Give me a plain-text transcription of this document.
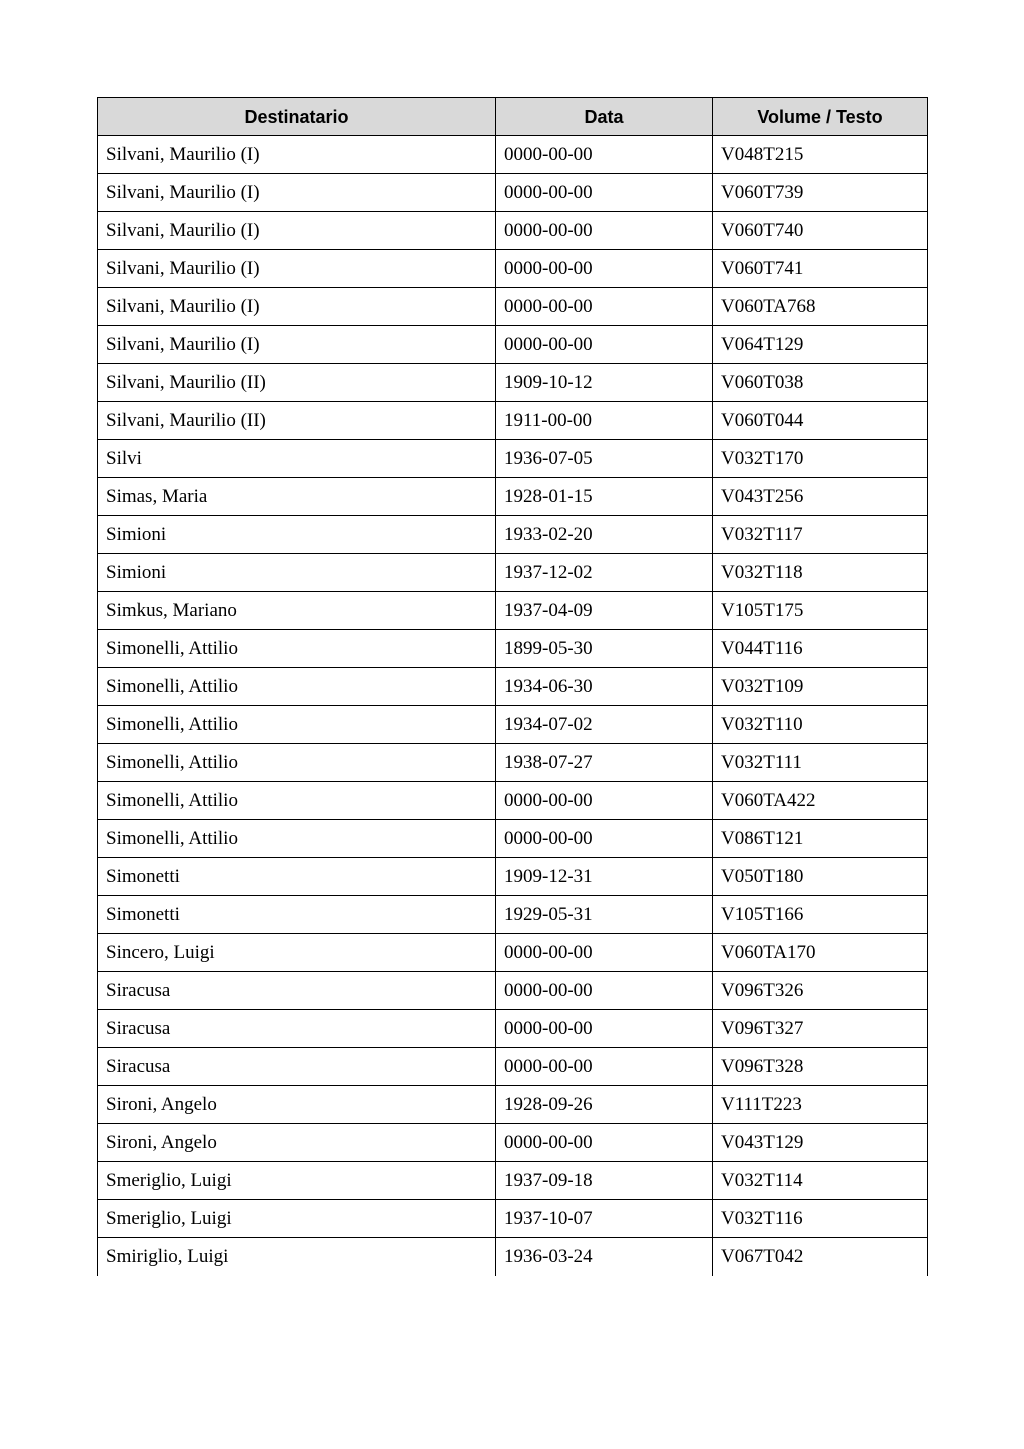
Destinatario	Data	Volume / Testo
Silvani, Maurilio (I)	0000-00-00	V048T215
Silvani, Maurilio (I)	0000-00-00	V060T739
Silvani, Maurilio (I)	0000-00-00	V060T740
Silvani, Maurilio (I)	0000-00-00	V060T741
Silvani, Maurilio (I)	0000-00-00	V060TA768
Silvani, Maurilio (I)	0000-00-00	V064T129
Silvani, Maurilio (II)	1909-10-12	V060T038
Silvani, Maurilio (II)	1911-00-00	V060T044
Silvi	1936-07-05	V032T170
Simas, Maria	1928-01-15	V043T256
Simioni	1933-02-20	V032T117
Simioni	1937-12-02	V032T118
Simkus, Mariano	1937-04-09	V105T175
Simonelli, Attilio	1899-05-30	V044T116
Simonelli, Attilio	1934-06-30	V032T109
Simonelli, Attilio	1934-07-02	V032T110
Simonelli, Attilio	1938-07-27	V032T111
Simonelli, Attilio	0000-00-00	V060TA422
Simonelli, Attilio	0000-00-00	V086T121
Simonetti	1909-12-31	V050T180
Simonetti	1929-05-31	V105T166
Sincero, Luigi	0000-00-00	V060TA170
Siracusa	0000-00-00	V096T326
Siracusa	0000-00-00	V096T327
Siracusa	0000-00-00	V096T328
Sironi, Angelo	1928-09-26	V111T223
Sironi, Angelo	0000-00-00	V043T129
Smeriglio, Luigi	1937-09-18	V032T114
Smeriglio, Luigi	1937-10-07	V032T116
Smiriglio, Luigi	1936-03-24	V067T042
